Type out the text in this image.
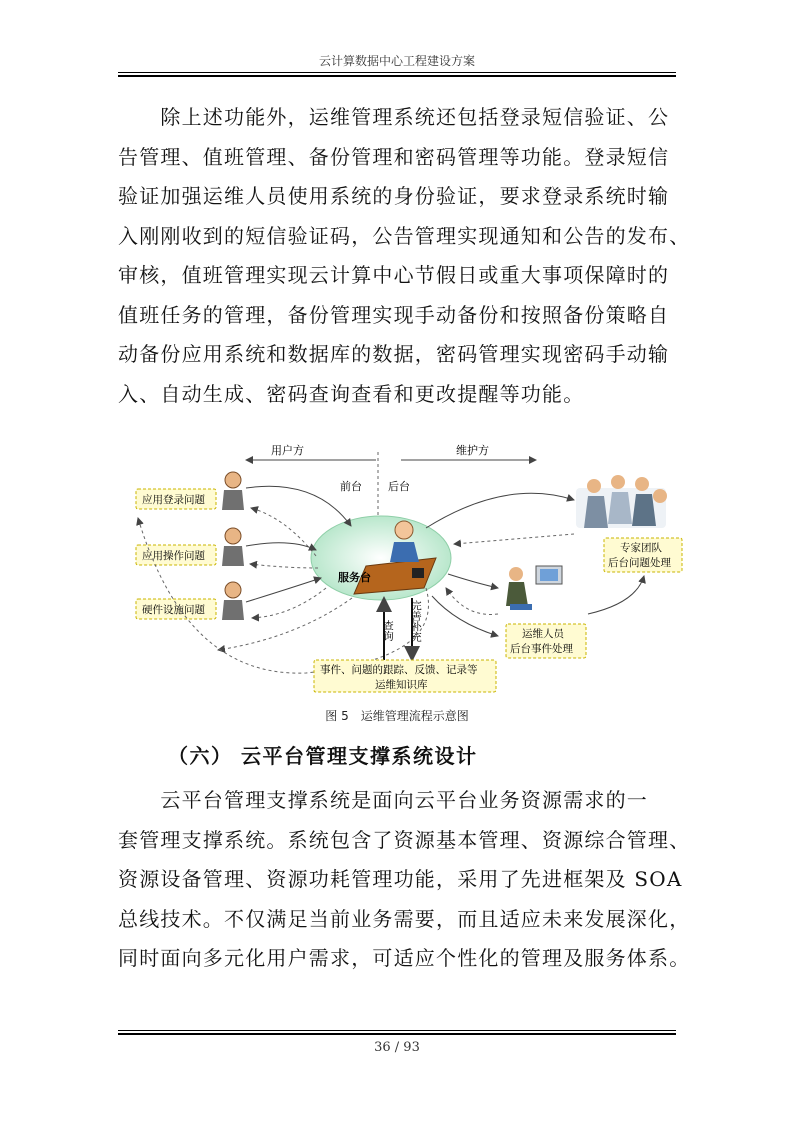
云计算数据中心工程建设方案
　　除上述功能外，运维管理系统还包括登录短信验证、公
告管理、值班管理、备份管理和密码管理等功能。登录短信
验证加强运维人员使用系统的身份验证，要求登录系统时输
入刚刚收到的短信验证码，公告管理实现通知和公告的发布、
审核，值班管理实现云计算中心节假日或重大事项保障时的
值班任务的管理，备份管理实现手动备份和按照备份策略自
动备份应用系统和数据库的数据，密码管理实现密码手动输
入、自动生成、密码查询查看和更改提醒等功能。
用户方	维护方
前台 后台
服务台
应用登录问题
应用操作问题
硬件设施问题
专家团队
后台问题处理
运维人员
后台事件处理
查询 完善补充
事件、问题的跟踪、反馈、记录等
运维知识库
图 5　运维管理流程示意图
（六） 云平台管理支撑系统设计
　　云平台管理支撑系统是面向云平台业务资源需求的一
套管理支撑系统。系统包含了资源基本管理、资源综合管理、
资源设备管理、资源功耗管理功能，采用了先进框架及 SOA
总线技术。不仅满足当前业务需要，而且适应未来发展深化，
同时面向多元化用户需求，可适应个性化的管理及服务体系。
36 / 93
